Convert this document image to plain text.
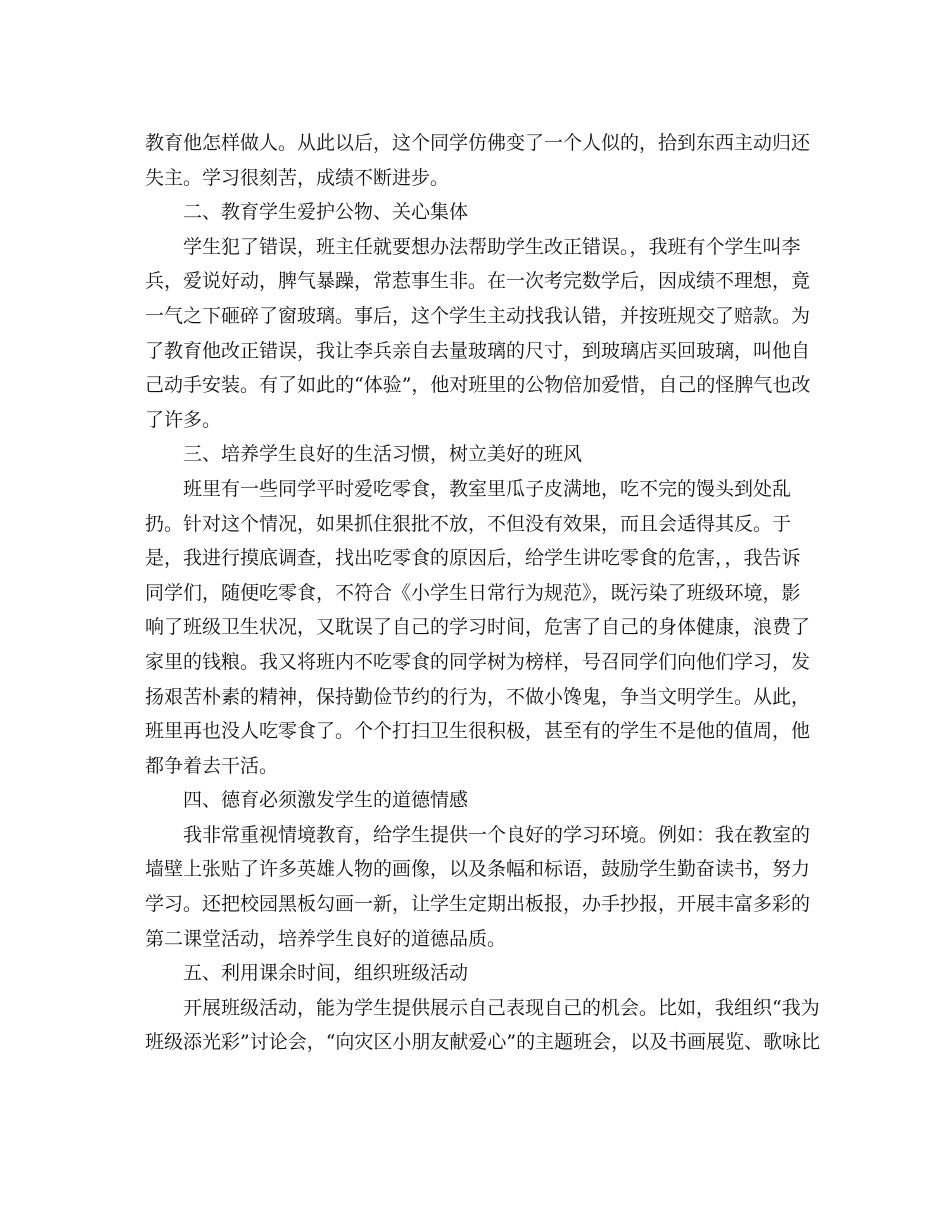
教育他怎样做人。从此以后，这个同学仿佛变了一个人似的，拾到东西主动归还
失主。学习很刻苦，成绩不断进步。
二、教育学生爱护公物、关心集体
学生犯了错误，班主任就要想办法帮助学生改正错误。，我班有个学生叫李
兵，爱说好动，脾气暴躁，常惹事生非。在一次考完数学后，因成绩不理想，竟
一气之下砸碎了窗玻璃。事后，这个学生主动找我认错，并按班规交了赔款。为
了教育他改正错误，我让李兵亲自去量玻璃的尺寸，到玻璃店买回玻璃，叫他自
己动手安装。有了如此的“体验”，他对班里的公物倍加爱惜，自己的怪脾气也改
了许多。
三、培养学生良好的生活习惯，树立美好的班风
班里有一些同学平时爱吃零食，教室里瓜子皮满地，吃不完的馒头到处乱
扔。针对这个情况，如果抓住狠批不放，不但没有效果，而且会适得其反。于
是，我进行摸底调查，找出吃零食的原因后，给学生讲吃零食的危害，，我告诉
同学们，随便吃零食，不符合《小学生日常行为规范》，既污染了班级环境，影
响了班级卫生状况，又耽误了自己的学习时间，危害了自己的身体健康，浪费了
家里的钱粮。我又将班内不吃零食的同学树为榜样，号召同学们向他们学习，发
扬艰苦朴素的精神，保持勤俭节约的行为，不做小馋鬼，争当文明学生。从此，
班里再也没人吃零食了。个个打扫卫生很积极，甚至有的学生不是他的值周，他
都争着去干活。
四、德育必须激发学生的道德情感
我非常重视情境教育，给学生提供一个良好的学习环境。例如：我在教室的
墙壁上张贴了许多英雄人物的画像，以及条幅和标语，鼓励学生勤奋读书，努力
学习。还把校园黑板勾画一新，让学生定期出板报，办手抄报，开展丰富多彩的
第二课堂活动，培养学生良好的道德品质。
五、利用课余时间，组织班级活动
开展班级活动，能为学生提供展示自己表现自己的机会。比如，我组织“我为
班级添光彩”讨论会，“向灾区小朋友献爱心”的主题班会，以及书画展览、歌咏比
